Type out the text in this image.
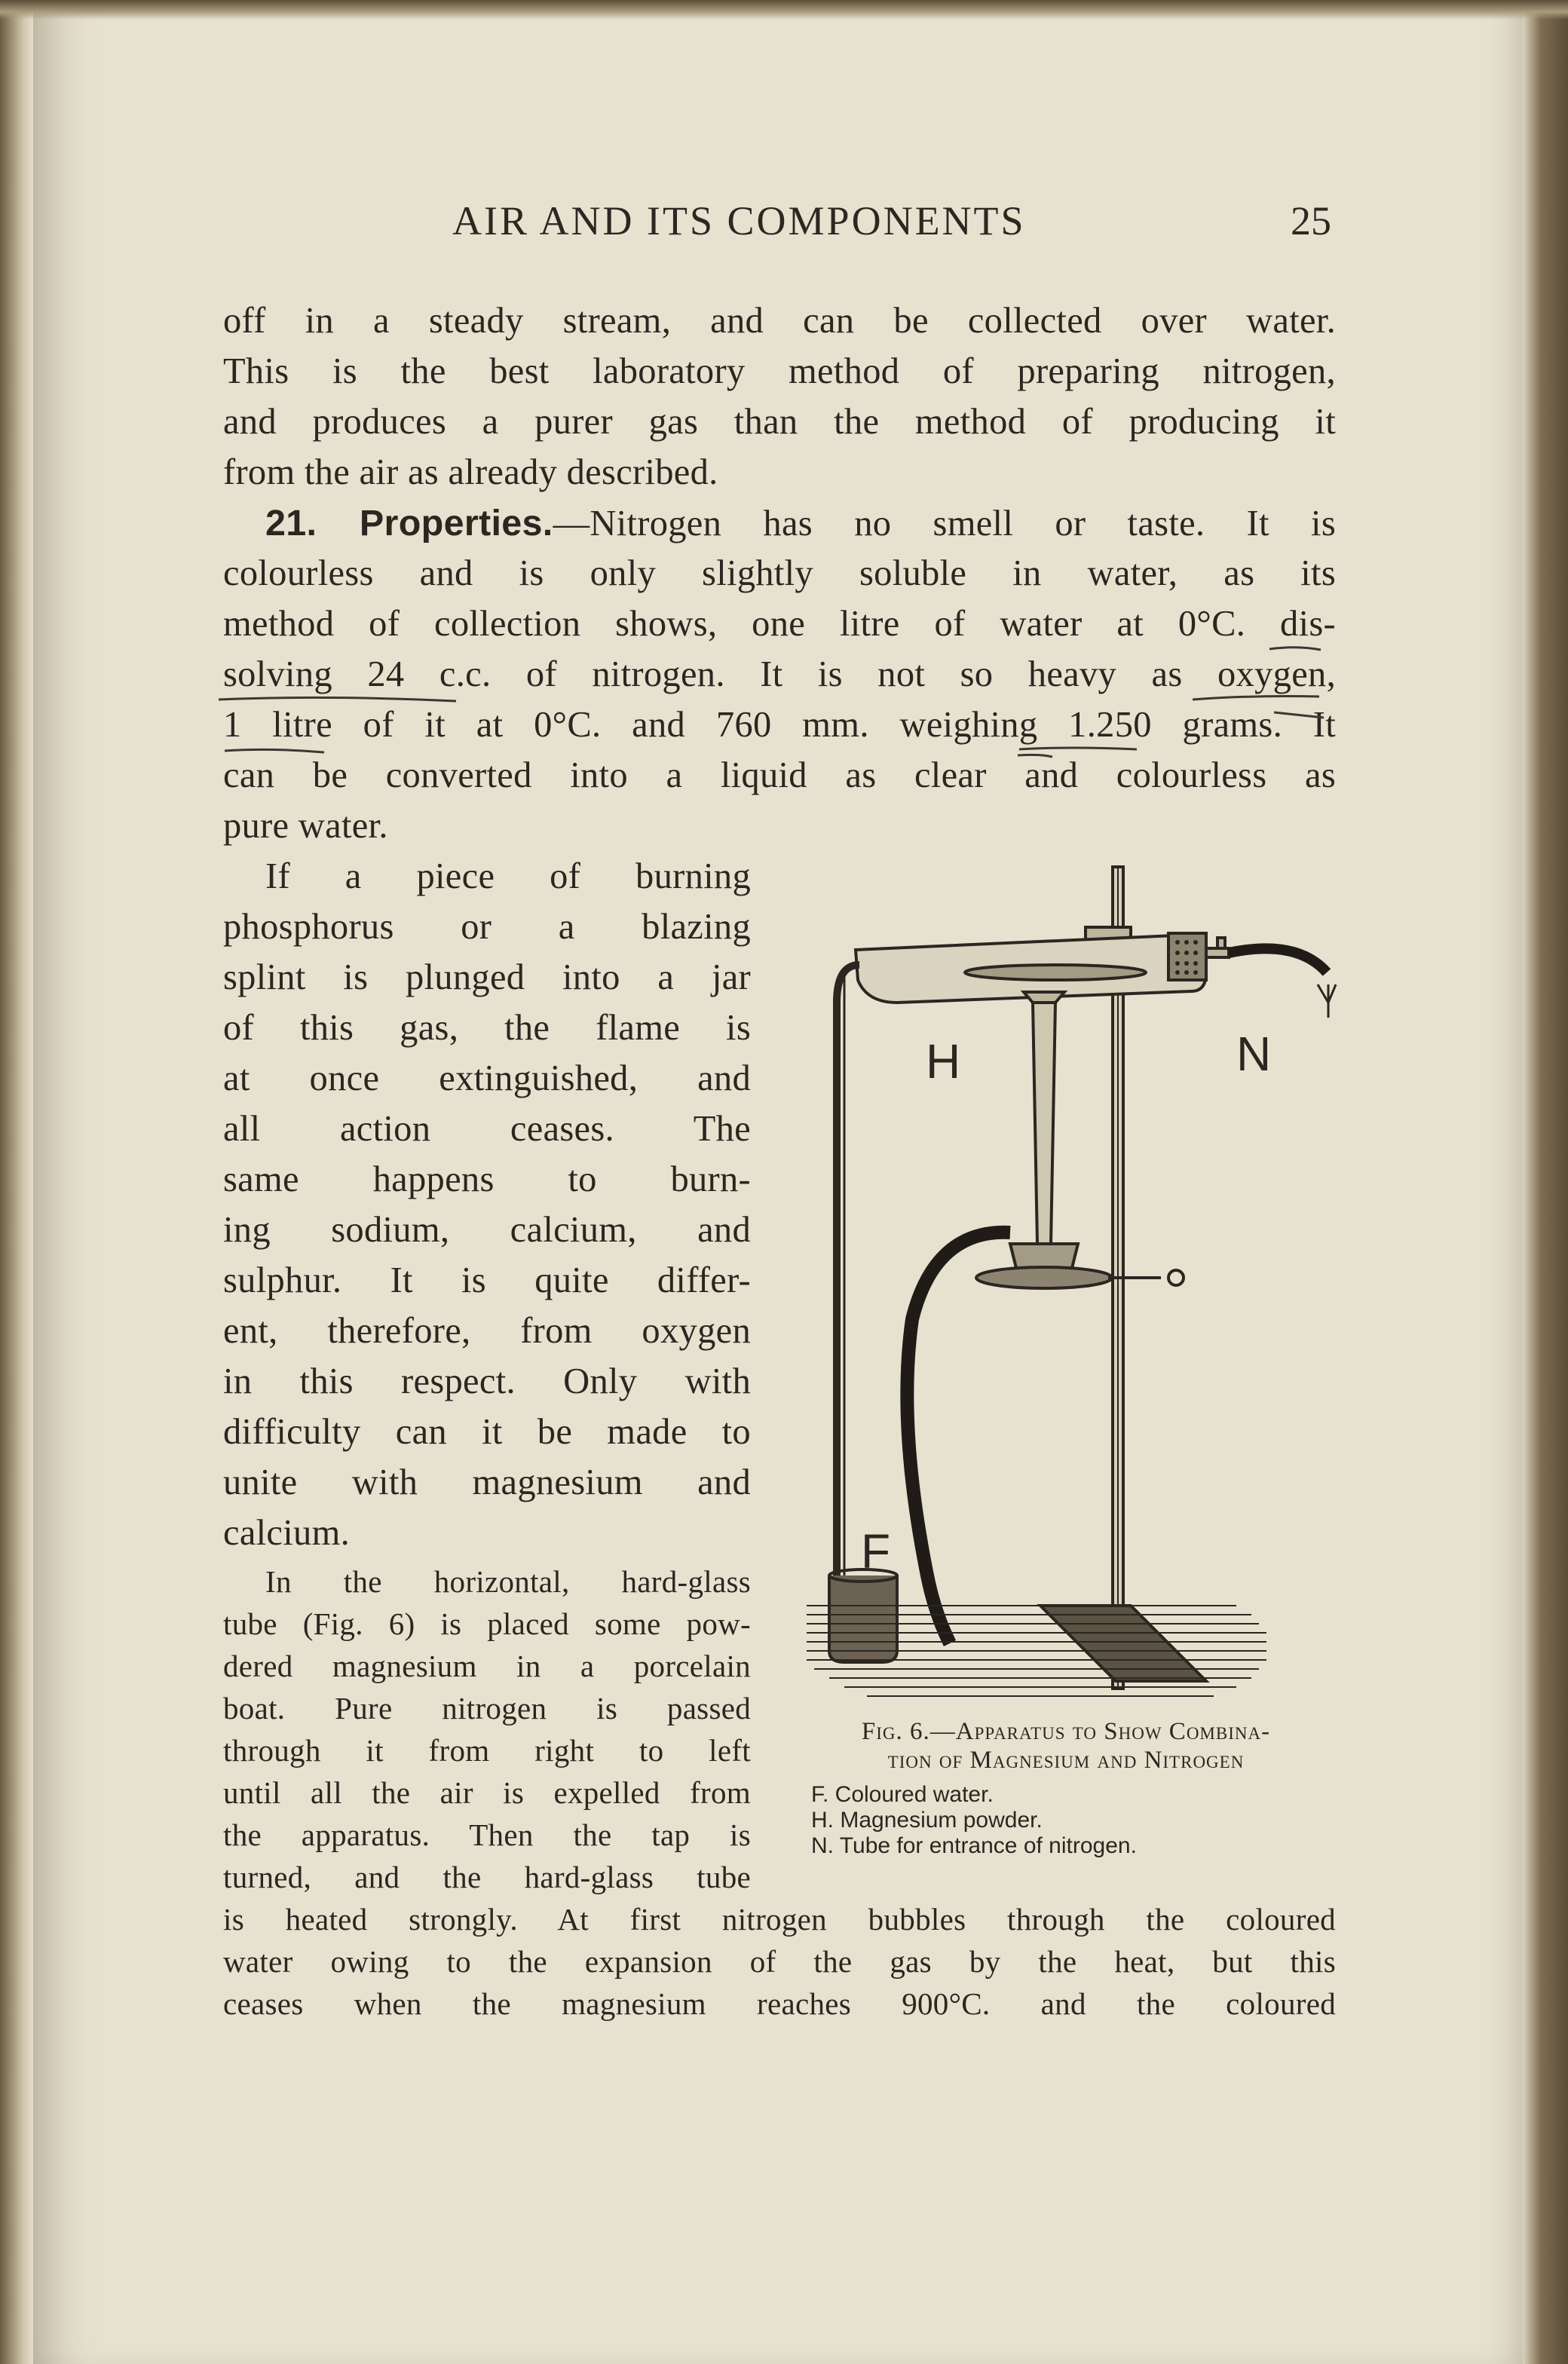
AIR AND ITS COMPONENTS	25
off in a steady stream, and can be collected over water.
This is the best laboratory method of preparing nitrogen,
and produces a purer gas than the method of producing it
from the air as already described.
21. Properties.—Nitrogen has no smell or taste. It is
colourless and is only slightly soluble in water, as its
method of collection shows, one litre of water at 0°C. dis-
solving 24 c.c. of nitrogen. It is not so heavy as oxygen,
1 litre of it at 0°C. and 760 mm. weighing 1.250 grams. It
can be converted into a liquid as clear and colourless as
pure water.
If a piece of burning
phosphorus or a blazing
splint is plunged into a jar
of this gas, the flame is
at once extinguished, and
all action ceases. The
same happens to burn-
ing sodium, calcium, and
sulphur. It is quite differ-
ent, therefore, from oxygen
in this respect. Only with
difficulty can it be made to
unite with magnesium and
calcium.
In the horizontal, hard-glass
tube (Fig. 6) is placed some pow-
dered magnesium in a porcelain
boat. Pure nitrogen is passed
through it from right to left
until all the air is expelled from
the apparatus. Then the tap is
turned, and the hard-glass tube
is heated strongly. At first nitrogen bubbles through the coloured
water owing to the expansion of the gas by the heat, but this
ceases when the magnesium reaches 900°C. and the coloured
H	N
F
Fig. 6.—Apparatus to Show Combina-
tion of Magnesium and Nitrogen
F. Coloured water.
H. Magnesium powder.
N. Tube for entrance of nitrogen.
